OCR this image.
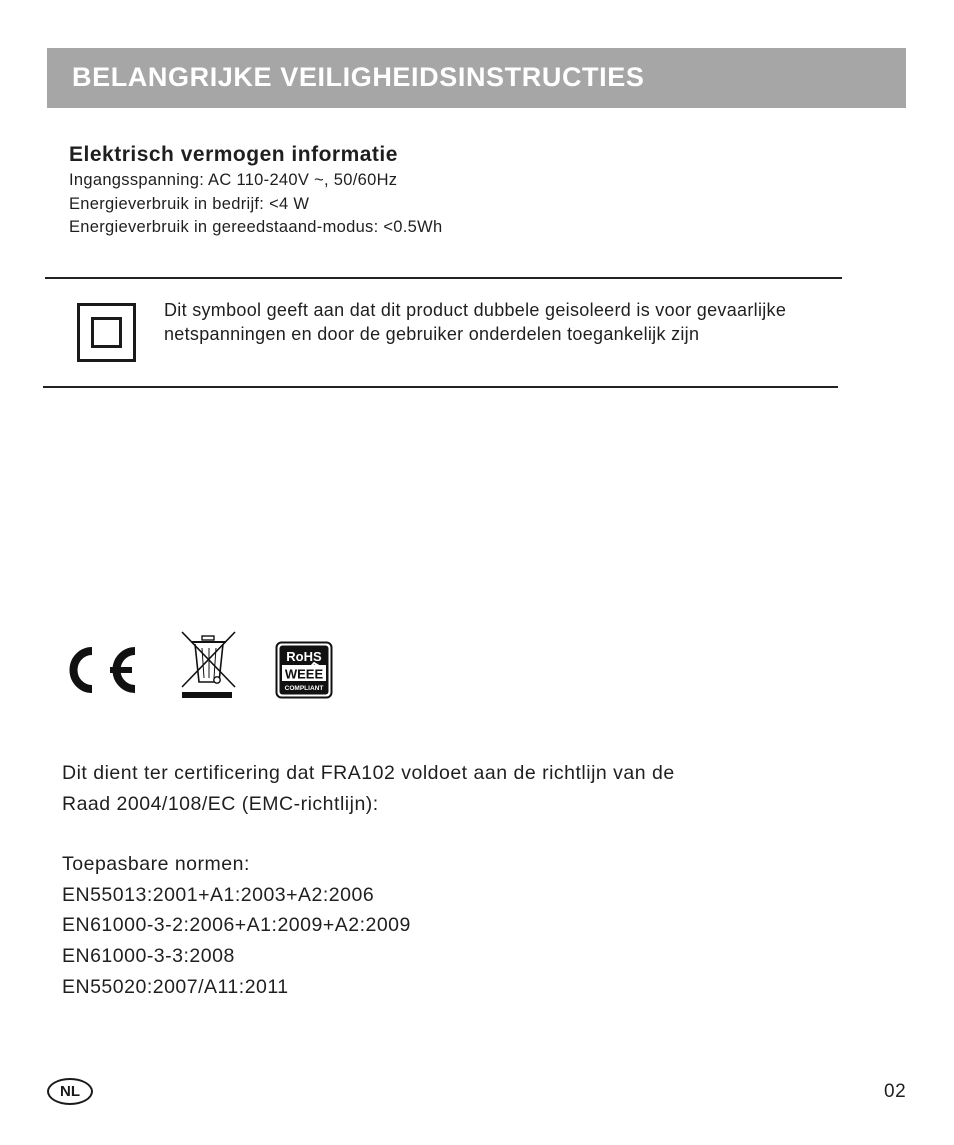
BELANGRIJKE VEILIGHEIDSINSTRUCTIES
Elektrisch vermogen informatie
Ingangsspanning: AC 110-240V ~, 50/60Hz
Energieverbruik in bedrijf: <4 W
Energieverbruik in gereedstaand-modus: <0.5Wh
Dit symbool geeft aan dat dit product dubbele geisoleerd is voor gevaarlijke netspanningen en door de gebruiker onderdelen toegankelijk zijn
RoHS
WEEE
COMPLIANT
Dit dient ter certificering dat FRA102 voldoet aan de richtlijn van de
Raad 2004/108/EC (EMC-richtlijn):
Toepasbare normen:
EN55013:2001+A1:2003+A2:2006
EN61000-3-2:2006+A1:2009+A2:2009
EN61000-3-3:2008
EN55020:2007/A11:2011
NL	02
